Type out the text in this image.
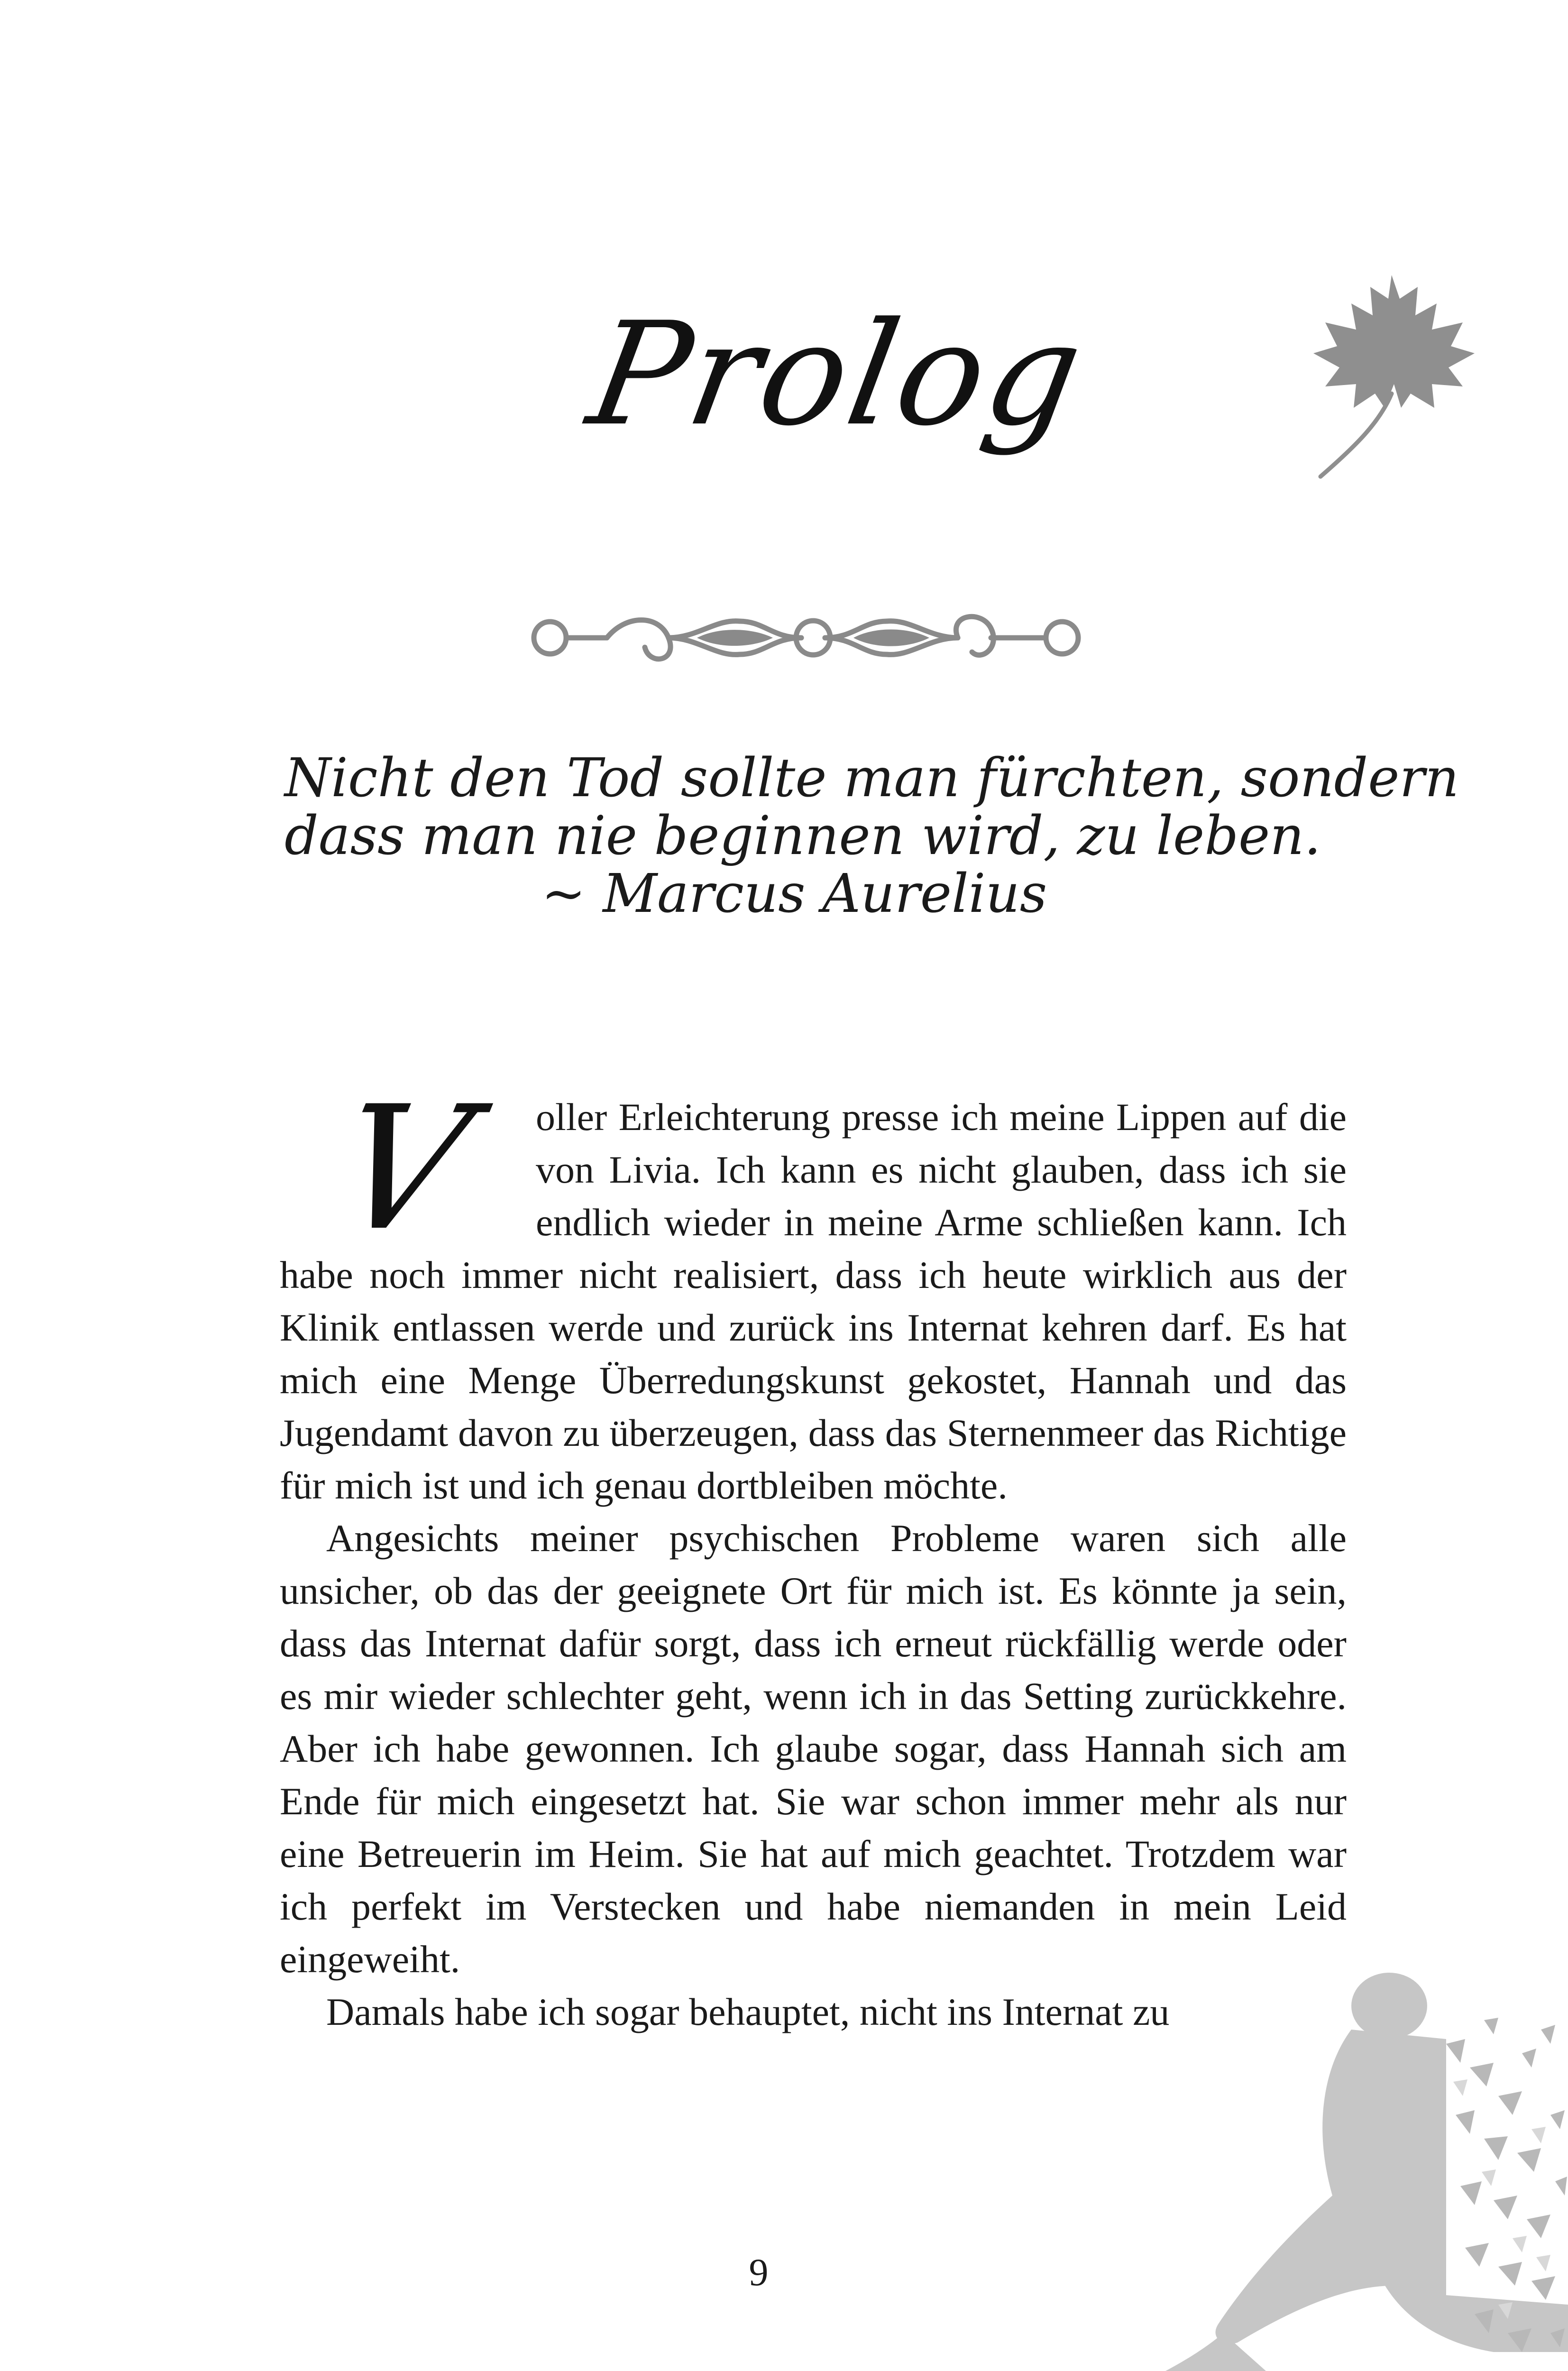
Prolog
Nicht den Tod sollte man fürchten, sondern
dass man nie beginnen wird, zu leben.
~ Marcus Aurelius
V	oller Erleichterung presse ich meine Lippen auf die von Livia. Ich kann es nicht glauben, dass ich sie endlich wieder in meine Arme schließen kann. Ich habe noch immer nicht realisiert, dass ich heute wirklich aus der Klinik entlassen werde und zurück ins Internat kehren darf. Es hat mich eine Menge Überredungskunst gekostet, Hannah und das Jugendamt davon zu überzeugen, dass das Sternenmeer das Richtige für mich ist und ich genau dortbleiben möchte.

Angesichts meiner psychischen Probleme waren sich alle unsicher, ob das der geeignete Ort für mich ist. Es könnte ja sein, dass das Internat dafür sorgt, dass ich erneut rückfällig werde oder es mir wieder schlechter geht, wenn ich in das Setting zurückkehre. Aber ich habe gewonnen. Ich glaube sogar, dass Hannah sich am Ende für mich eingesetzt hat. Sie war schon immer mehr als nur eine Betreuerin im Heim. Sie hat auf mich geachtet. Trotzdem war ich perfekt im Verstecken und habe niemanden in mein Leid eingeweiht.

Damals habe ich sogar behauptet, nicht ins Internat zu

9
